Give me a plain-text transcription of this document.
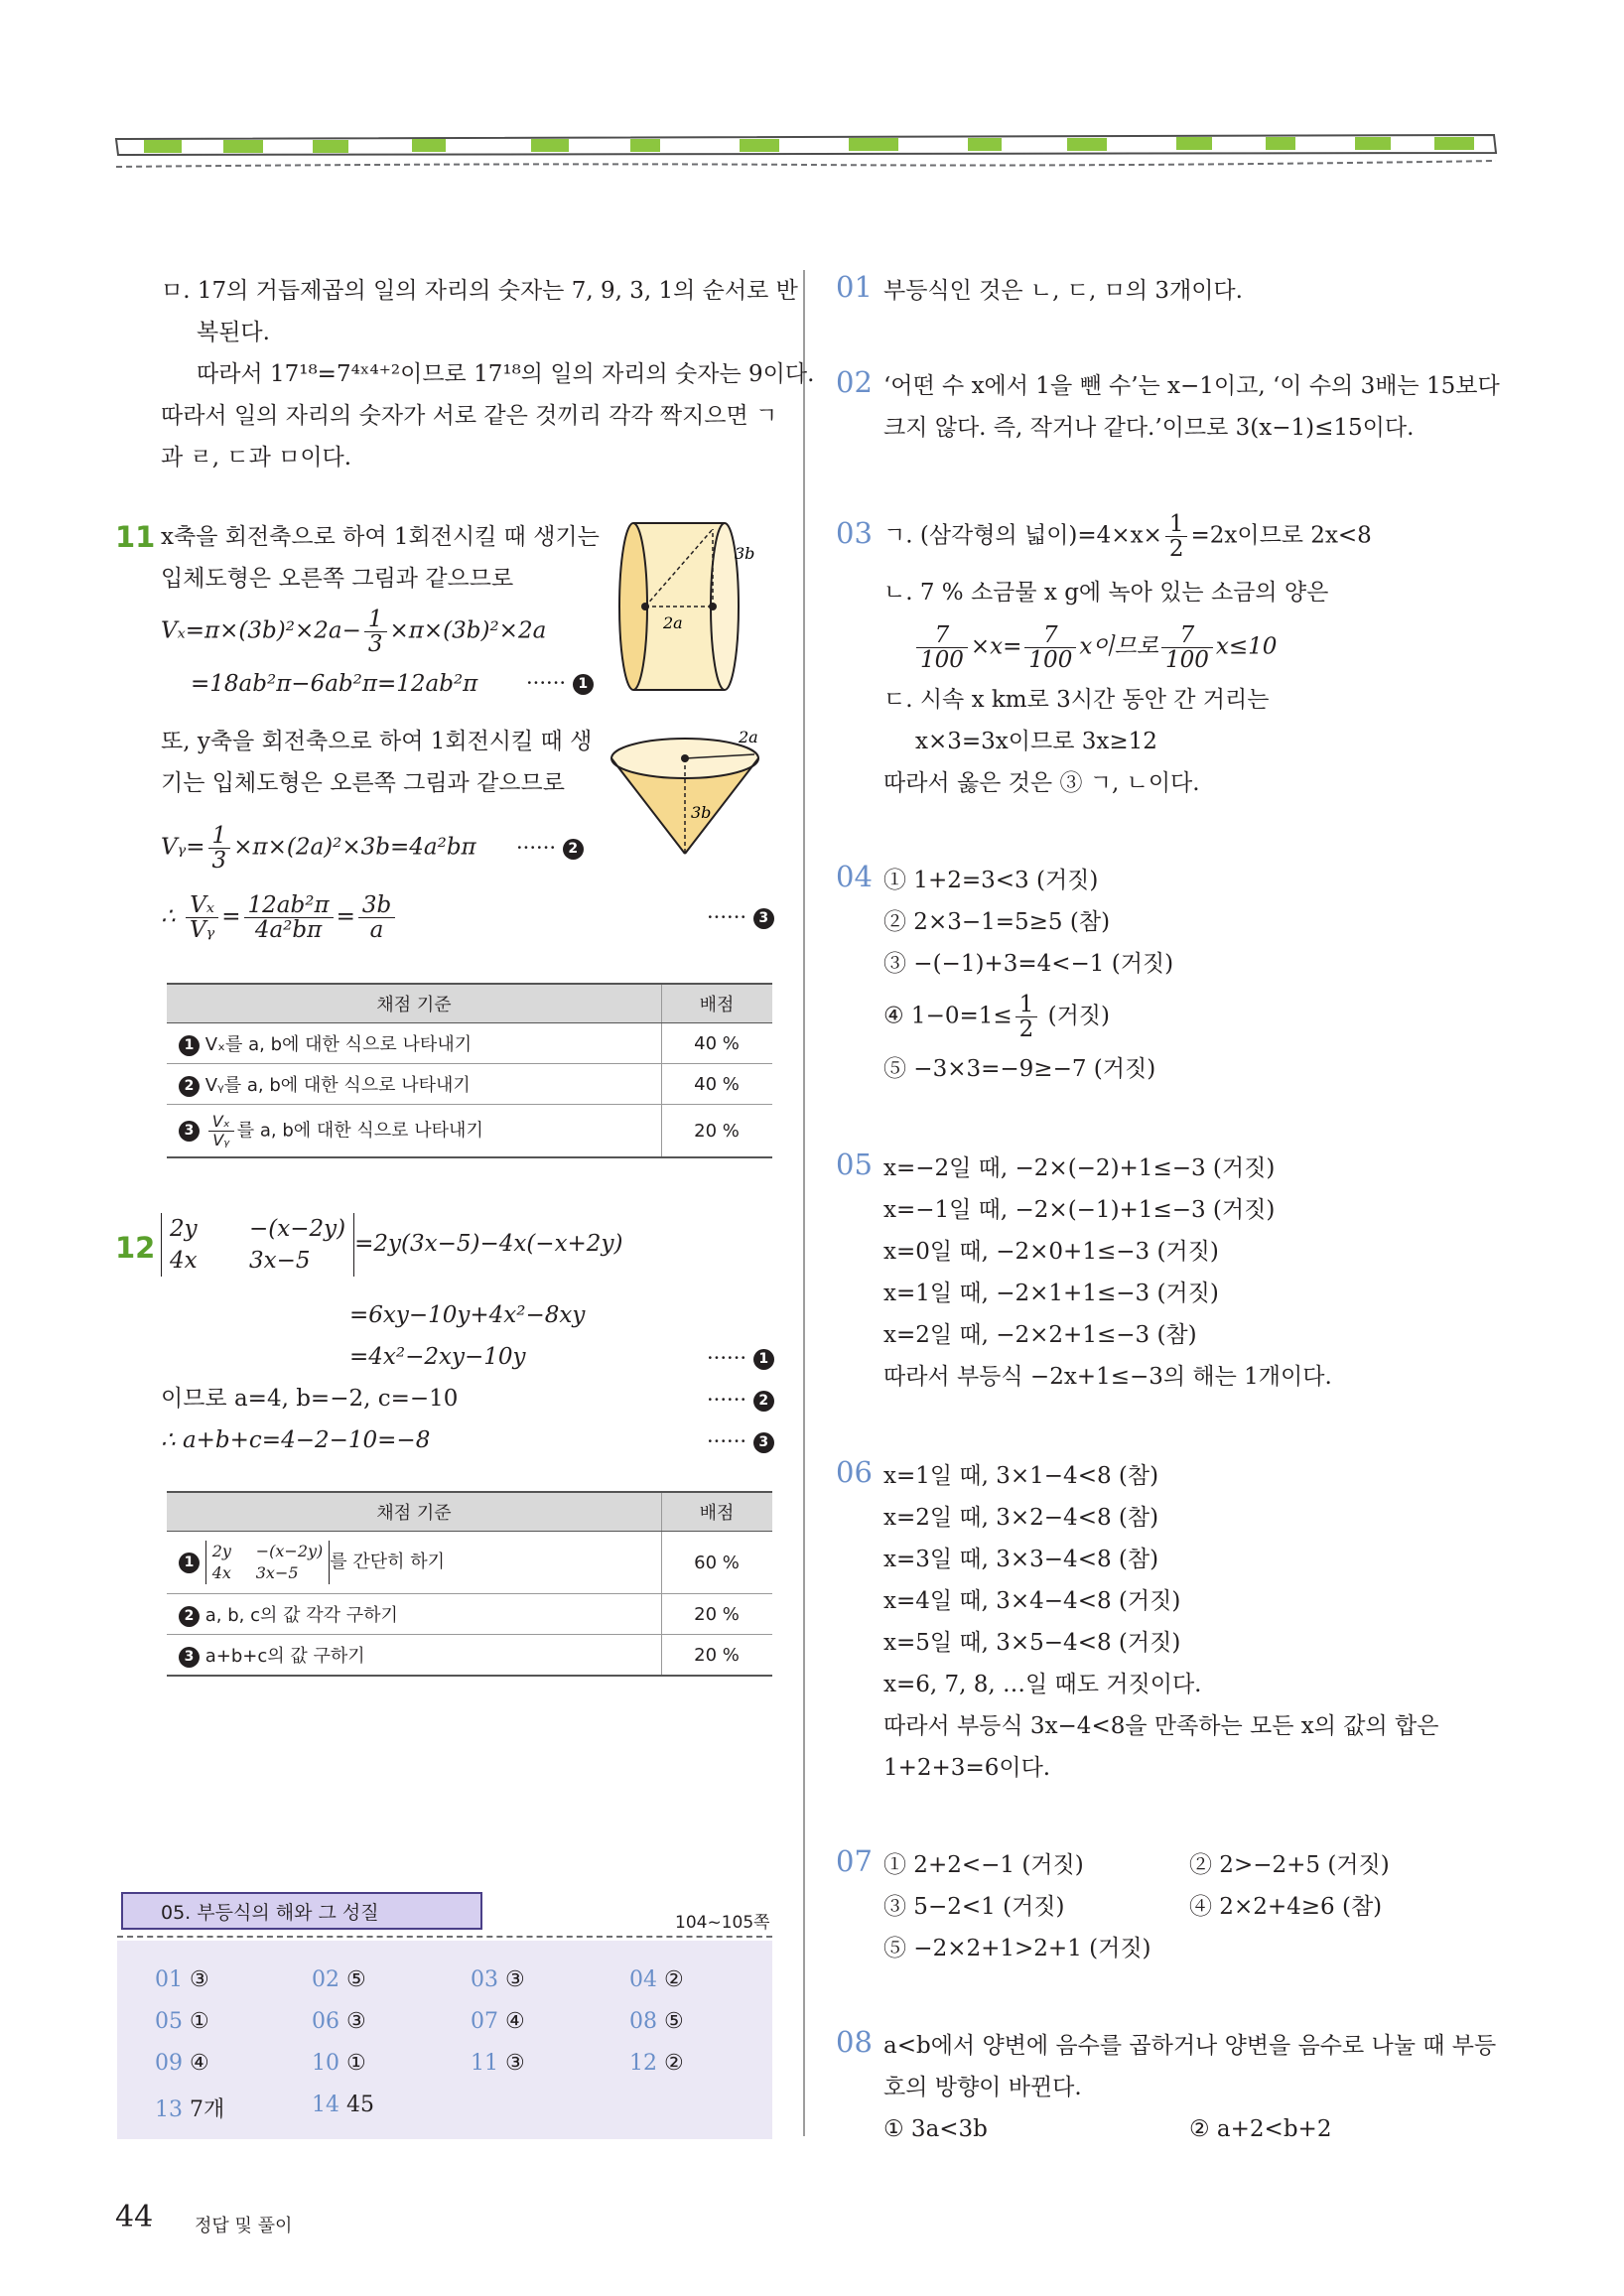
ㅁ. 17의 거듭제곱의 일의 자리의 숫자는 7, 9, 3, 1의 순서로 반
복된다.
따라서 17¹⁸=7⁴ˣ⁴⁺²이므로 17¹⁸의 일의 자리의 숫자는 9이다.
따라서 일의 자리의 숫자가 서로 같은 것끼리 각각 짝지으면 ㄱ
과 ㄹ, ㄷ과 ㅁ이다.
11 x축을 회전축으로 하여 1회전시킬 때 생기는
입체도형은 오른쪽 그림과 같으므로
$V_x=\pi\times(3b)^2\times 2a- \frac{1}{3} \times\pi\times(3b)^2\times 2a$
=18ab²π−6ab²π=12ab²π ······ 1
또, y축을 회전축으로 하여 1회전시킬 때 생
기는 입체도형은 오른쪽 그림과 같으므로
Vᵧ= $\frac{1}{3} \times\pi\times(2a)^2\times 3b=4a^2b\pi$ ······ 2
∴ $\frac{\text{Vₓ}}{\text{Vᵧ}} = \frac{\text{12ab²π}}{\text{4a²bπ}} = \frac{3b}{a}$	······ 3
3b
2a
2a
3b
채점 기준	배점
1 Vₓ를 a, b에 대한 식으로 나타내기	40 %
2 Vᵧ를 a, b에 대한 식으로 나타내기	40 %
$3 \frac{\text{Vₓ}}{\text{Vᵧ}}$ 를 a, b에 대한 식으로 나타내기	20 %
12
2y −(x−2y)
4x 3x−5=2y(3x−5)−4x(−x+2y)
=6xy−10y+4x²−8xy
=4x²−2xy−10y	······ 1
이므로 a=4, b=−2, c=−10	······ 2
∴ a+b+c=4−2−10=−8	······ 3
채점 기준	배점
1 2y −(x−2y)
4x 3x−5를 간단히 하기	60 %
2 a, b, c의 값 각각 구하기	20 %
3 a+b+c의 값 구하기	20 %
05. 부등식의 해와 그 성질	104~105쪽
01 ③	02 ⑤	03 ③	04 ②
05 ①	06 ③	07 ④	08 ⑤
09 ④	10 ①	11 ③	12 ②
13 7개	14 45
44 정답 및 풀이
01 부등식인 것은 ㄴ, ㄷ, ㅁ의 3개이다.
02 ‘어떤 수 x에서 1을 뺀 수’는 x−1이고, ‘이 수의 3배는 15보다
크지 않다. 즉, 작거나 같다.’이므로 3(x−1)≤15이다.
03 ㄱ. (삼각형의 넓이)$=4\times x\times \frac{1}{2} =2x$이므로 2x<8
ㄴ. 7 % 소금물 x g에 녹아 있는 소금의 양은
$\frac{7}{100} \times x= \frac{7}{100}$ x이므로 $\frac{7}{100} x\le 10$
ㄷ. 시속 x km로 3시간 동안 간 거리는
x×3=3x이므로 3x≥12
따라서 옳은 것은 ③ ㄱ, ㄴ이다.
04 ① 1+2=3<3 (거짓)
② 2×3−1=5≥5 (참)
③ −(−1)+3=4<−1 (거짓)
④ $1-0=1\le \frac{1}{2}$ (거짓)
⑤ −3×3=−9≥−7 (거짓)
05 x=−2일 때, −2×(−2)+1≤−3 (거짓)
x=−1일 때, −2×(−1)+1≤−3 (거짓)
x=0일 때, −2×0+1≤−3 (거짓)
x=1일 때, −2×1+1≤−3 (거짓)
x=2일 때, −2×2+1≤−3 (참)
따라서 부등식 −2x+1≤−3의 해는 1개이다.
06 x=1일 때, 3×1−4<8 (참)
x=2일 때, 3×2−4<8 (참)
x=3일 때, 3×3−4<8 (참)
x=4일 때, 3×4−4<8 (거짓)
x=5일 때, 3×5−4<8 (거짓)
x=6, 7, 8, …일 때도 거짓이다.
따라서 부등식 3x−4<8을 만족하는 모든 x의 값의 합은
1+2+3=6이다.
07 ① 2+2<−1 (거짓)	② 2>−2+5 (거짓)
③ 5−2<1 (거짓)	④ 2×2+4≥6 (참)
⑤ −2×2+1>2+1 (거짓)
08 a<b에서 양변에 음수를 곱하거나 양변을 음수로 나눌 때 부등
호의 방향이 바뀐다.
① 3a<3b	② a+2<b+2
